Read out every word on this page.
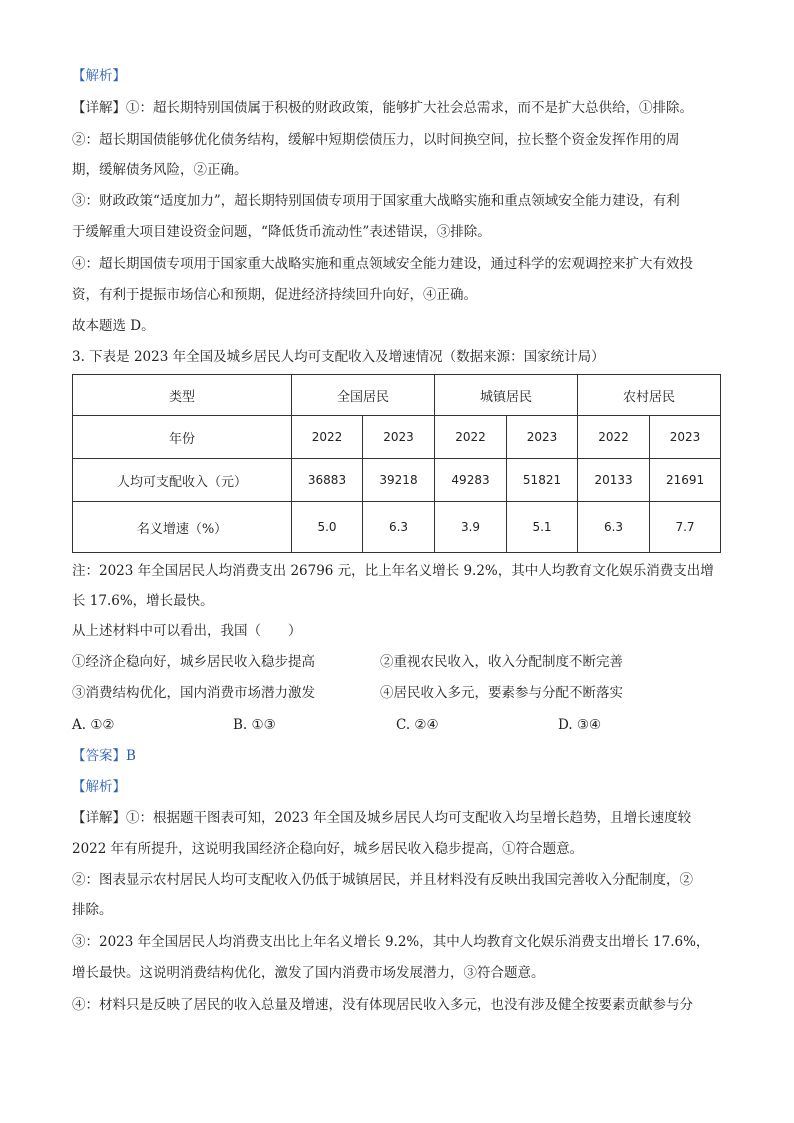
【解析】
【详解】①：超长期特别国债属于积极的财政政策，能够扩大社会总需求，而不是扩大总供给，①排除。
②：超长期国债能够优化债务结构，缓解中短期偿债压力，以时间换空间，拉长整个资金发挥作用的周
期，缓解债务风险，②正确。
③：财政政策“适度加力”，超长期特别国债专项用于国家重大战略实施和重点领域安全能力建设，有利
于缓解重大项目建设资金问题，“降低货币流动性”表述错误，③排除。
④：超长期国债专项用于国家重大战略实施和重点领域安全能力建设，通过科学的宏观调控来扩大有效投
资，有利于提振市场信心和预期，促进经济持续回升向好，④正确。
故本题选 D。
3. 下表是 2023 年全国及城乡居民人均可支配收入及增速情况（数据来源：国家统计局）
类型	全国居民		城镇居民		农村居民	
年份	2022	2023	2022	2023	2022	2023
人均可支配收入（元）	36883	39218	49283	51821	20133	21691
名义增速（%）	5.0	6.3	3.9	5.1	6.3	7.7
注：2023 年全国居民人均消费支出 26796 元，比上年名义增长 9.2%，其中人均教育文化娱乐消费支出增
长 17.6%，增长最快。
从上述材料中可以看出，我国（　　）
①经济企稳向好，城乡居民收入稳步提高	②重视农民收入，收入分配制度不断完善
③消费结构优化，国内消费市场潜力激发	④居民收入多元，要素参与分配不断落实
A. ①②	B. ①③	C. ②④	D. ③④
【答案】B
【解析】
【详解】①：根据题干图表可知，2023 年全国及城乡居民人均可支配收入均呈增长趋势，且增长速度较
2022 年有所提升，这说明我国经济企稳向好，城乡居民收入稳步提高，①符合题意。
②：图表显示农村居民人均可支配收入仍低于城镇居民，并且材料没有反映出我国完善收入分配制度，②
排除。
③：2023 年全国居民人均消费支出比上年名义增长 9.2%，其中人均教育文化娱乐消费支出增长 17.6%，
增长最快。这说明消费结构优化，激发了国内消费市场发展潜力，③符合题意。
④：材料只是反映了居民的收入总量及增速，没有体现居民收入多元，也没有涉及健全按要素贡献参与分
